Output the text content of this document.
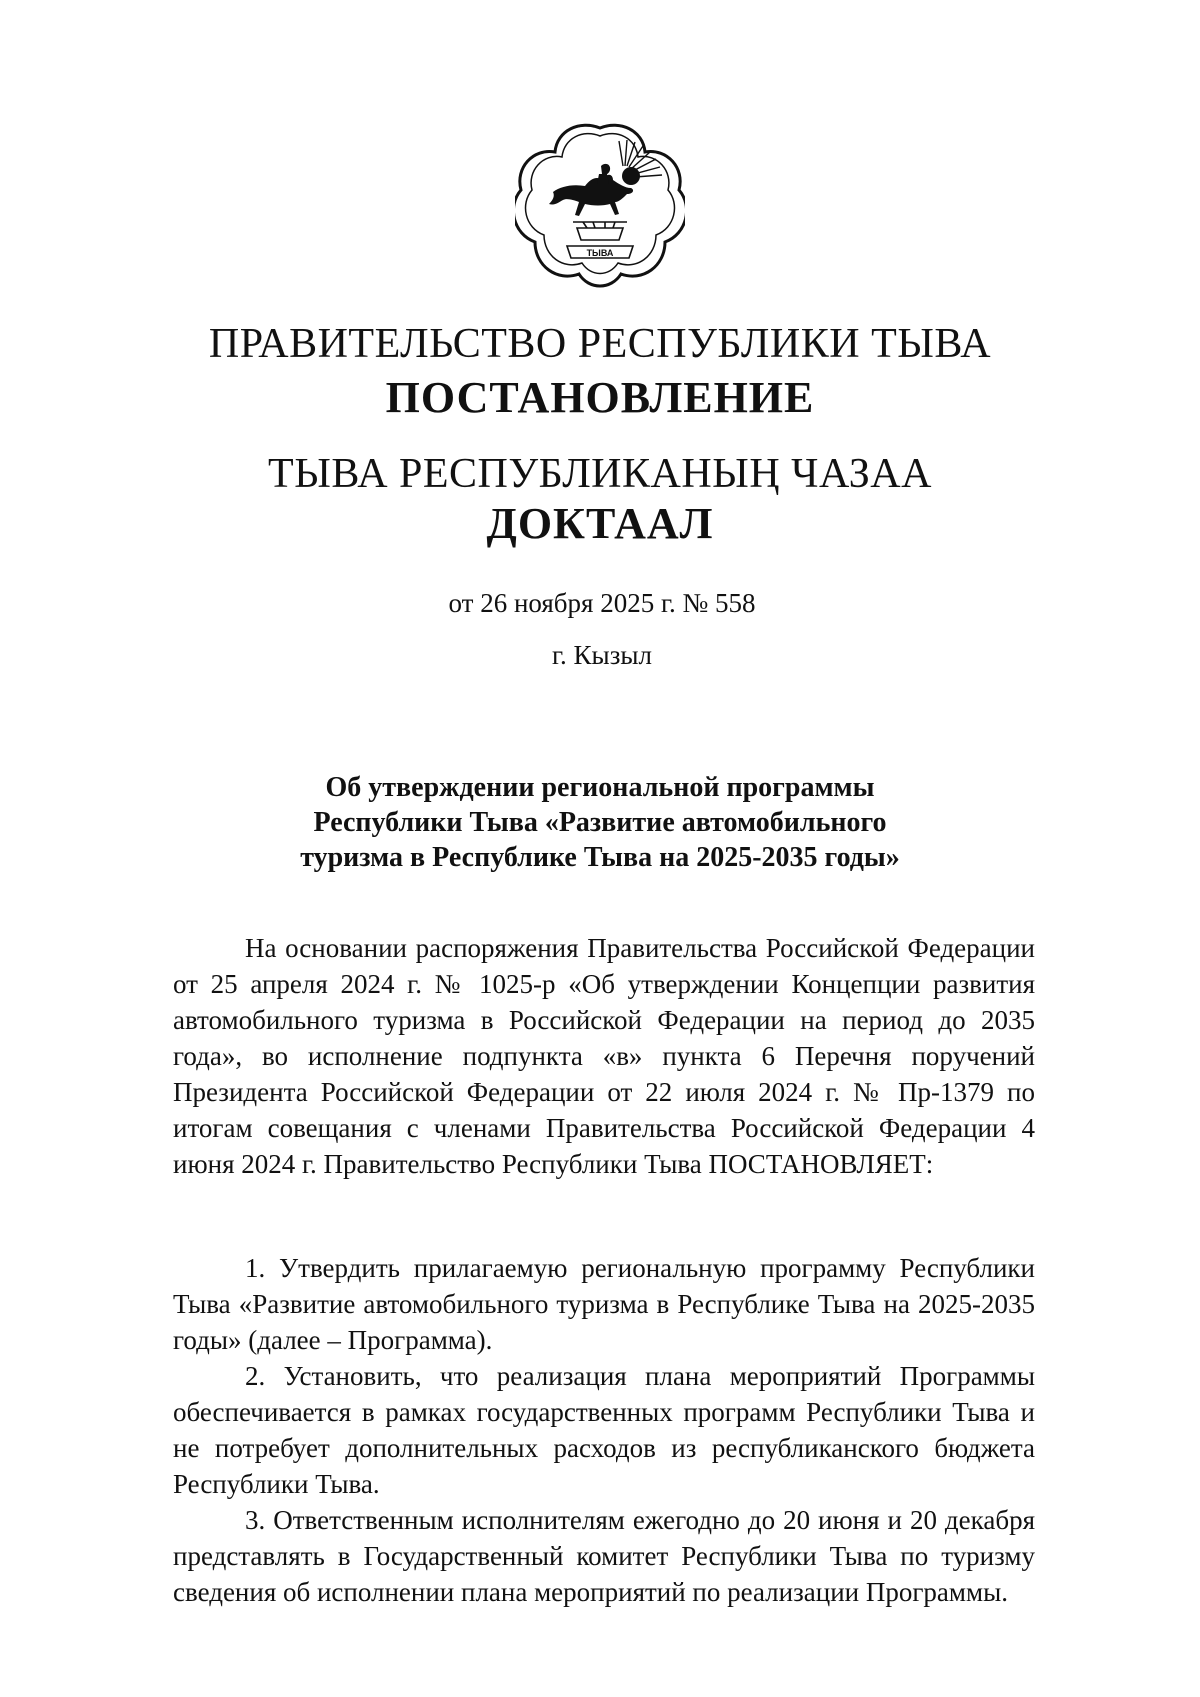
ТЫВА
ПРАВИТЕЛЬСТВО РЕСПУБЛИКИ ТЫВА
ПОСТАНОВЛЕНИЕ
ТЫВА РЕСПУБЛИКАНЫҢ ЧАЗАА
ДОКТААЛ
от 26 ноября 2025 г. № 558
г. Кызыл
Об утверждении региональной программы
Республики Тыва «Развитие автомобильного
туризма в Республике Тыва на 2025-2035 годы»

На основании распоряжения Правительства Российской Федерации от 25 апреля 2024 г. № 1025-р «Об утверждении Концепции развития автомобильного туризма в Российской Федерации на период до 2035 года», во исполнение подпункта «в» пункта 6 Перечня поручений Президента Российской Федерации от 22 июля 2024 г. № Пр-1379 по итогам совещания с членами Правительства Российской Федерации 4 июня 2024 г. Правительство Республики Тыва ПОСТАНОВЛЯЕТ:

1. Утвердить прилагаемую региональную программу Республики Тыва «Развитие автомобильного туризма в Республике Тыва на 2025-2035 годы» (далее – Программа).

2. Установить, что реализация плана мероприятий Программы обеспечивается в рамках государственных программ Республики Тыва и не потребует дополнительных расходов из республиканского бюджета Республики Тыва.

3. Ответственным исполнителям ежегодно до 20 июня и 20 декабря представлять в Государственный комитет Республики Тыва по туризму сведения об исполнении плана мероприятий по реализации Программы.
